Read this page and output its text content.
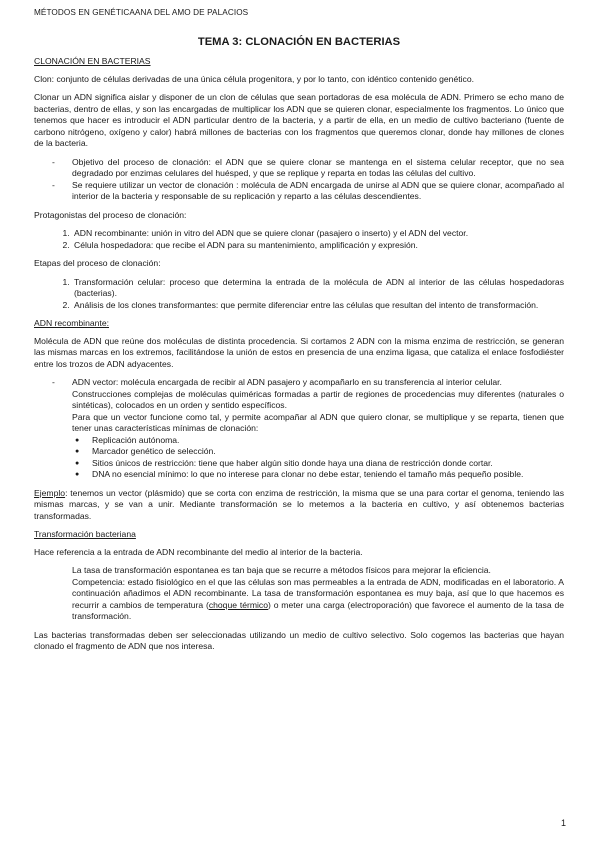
MÉTODOS EN GENÉTICAANA DEL AMO DE PALACIOS
TEMA 3: CLONACIÓN EN BACTERIAS
CLONACIÓN EN BACTERIAS

Clon: conjunto de células derivadas de una única célula progenitora, y por lo tanto, con idéntico contenido genético.

Clonar un ADN significa aislar y disponer de un clon de células que sean portadoras de esa molécula de ADN. Primero se echo mano de bacterias, dentro de ellas, y son las encargadas de multiplicar los ADN que se quieren clonar, especialmente los fragmentos. Lo único que tenemos que hacer es introducir el ADN particular dentro de la bacteria, y a partir de ella, en un medio de cultivo bacteriano (fuente de carbono nitrógeno, oxígeno y calor) habrá millones de bacterias con los fragmentos que queremos clonar, donde hay millones de clones de la bacteria.

- Objetivo del proceso de clonación: el ADN que se quiere clonar se mantenga en el sistema celular receptor, que no sea degradado por enzimas celulares del huésped, y que se replique y reparta en todas las células del cultivo.
- Se requiere utilizar un vector de clonación : molécula de ADN encargada de unirse al ADN que se quiere clonar, acompañado al interior de la bacteria y responsable de su replicación y reparto a las células descendientes.

Protagonistas del proceso de clonación:

1. ADN recombinante: unión in vitro del ADN que se quiere clonar (pasajero o inserto) y el ADN del vector.
2. Célula hospedadora: que recibe el ADN para su mantenimiento, amplificación y expresión.

Etapas del proceso de clonación:

1. Transformación celular: proceso que determina la entrada de la molécula de ADN al interior de las células hospedadoras (bacterias).
2. Análisis de los clones transformantes: que permite diferenciar entre las células que resultan del intento de transformación.
ADN recombinante:

Molécula de ADN que reúne dos moléculas de distinta procedencia. Si cortamos 2 ADN con la misma enzima de restricción, se generan las mismas marcas en los extremos, facilitándose la unión de estos en presencia de una enzima ligasa, que cataliza el enlace fosfodiéster entre los trozos de ADN adyacentes.

- ADN vector: molécula encargada de recibir al ADN pasajero y acompañarlo en su transferencia al interior celular.
Construcciones complejas de moléculas quiméricas formadas a partir de regiones de procedencias muy diferentes (naturales o sintéticas), colocados en un orden y sentido específicos.
Para que un vector funcione como tal, y permite acompañar al ADN que quiero clonar, se multiplique y se reparta, tienen que tener unas características mínimas de clonación:
● Replicación autónoma.
● Marcador genético de selección.
● Sitios únicos de restricción: tiene que haber algún sitio donde haya una diana de restricción donde cortar.
● DNA no esencial mínimo: lo que no interese para clonar no debe estar, teniendo el tamaño más pequeño posible.

Ejemplo: tenemos un vector (plásmido) que se corta con enzima de restricción, la misma que se una para cortar el genoma, teniendo las mismas marcas, y se van a unir. Mediante transformación se lo metemos a la bacteria en cultivo, y así obtenemos bacterias transformadas.

Transformación bacteriana

Hace referencia a la entrada de ADN recombinante del medio al interior de la bacteria.

La tasa de transformación espontanea es tan baja que se recurre a métodos físicos para mejorar la eficiencia.

Competencia: estado fisiológico en el que las células son mas permeables a la entrada de ADN, modificadas en el laboratorio. A continuación añadimos el ADN recombinante. La tasa de transformación espontanea es muy baja, así que lo que hacemos es recurrir a cambios de temperatura (choque térmico) o meter una carga (electroporación) que favorece el aumento de la tasa de transformación.

Las bacterias transformadas deben ser seleccionadas utilizando un medio de cultivo selectivo. Solo cogemos las bacterias que hayan clonado el fragmento de ADN que nos interesa.

1
